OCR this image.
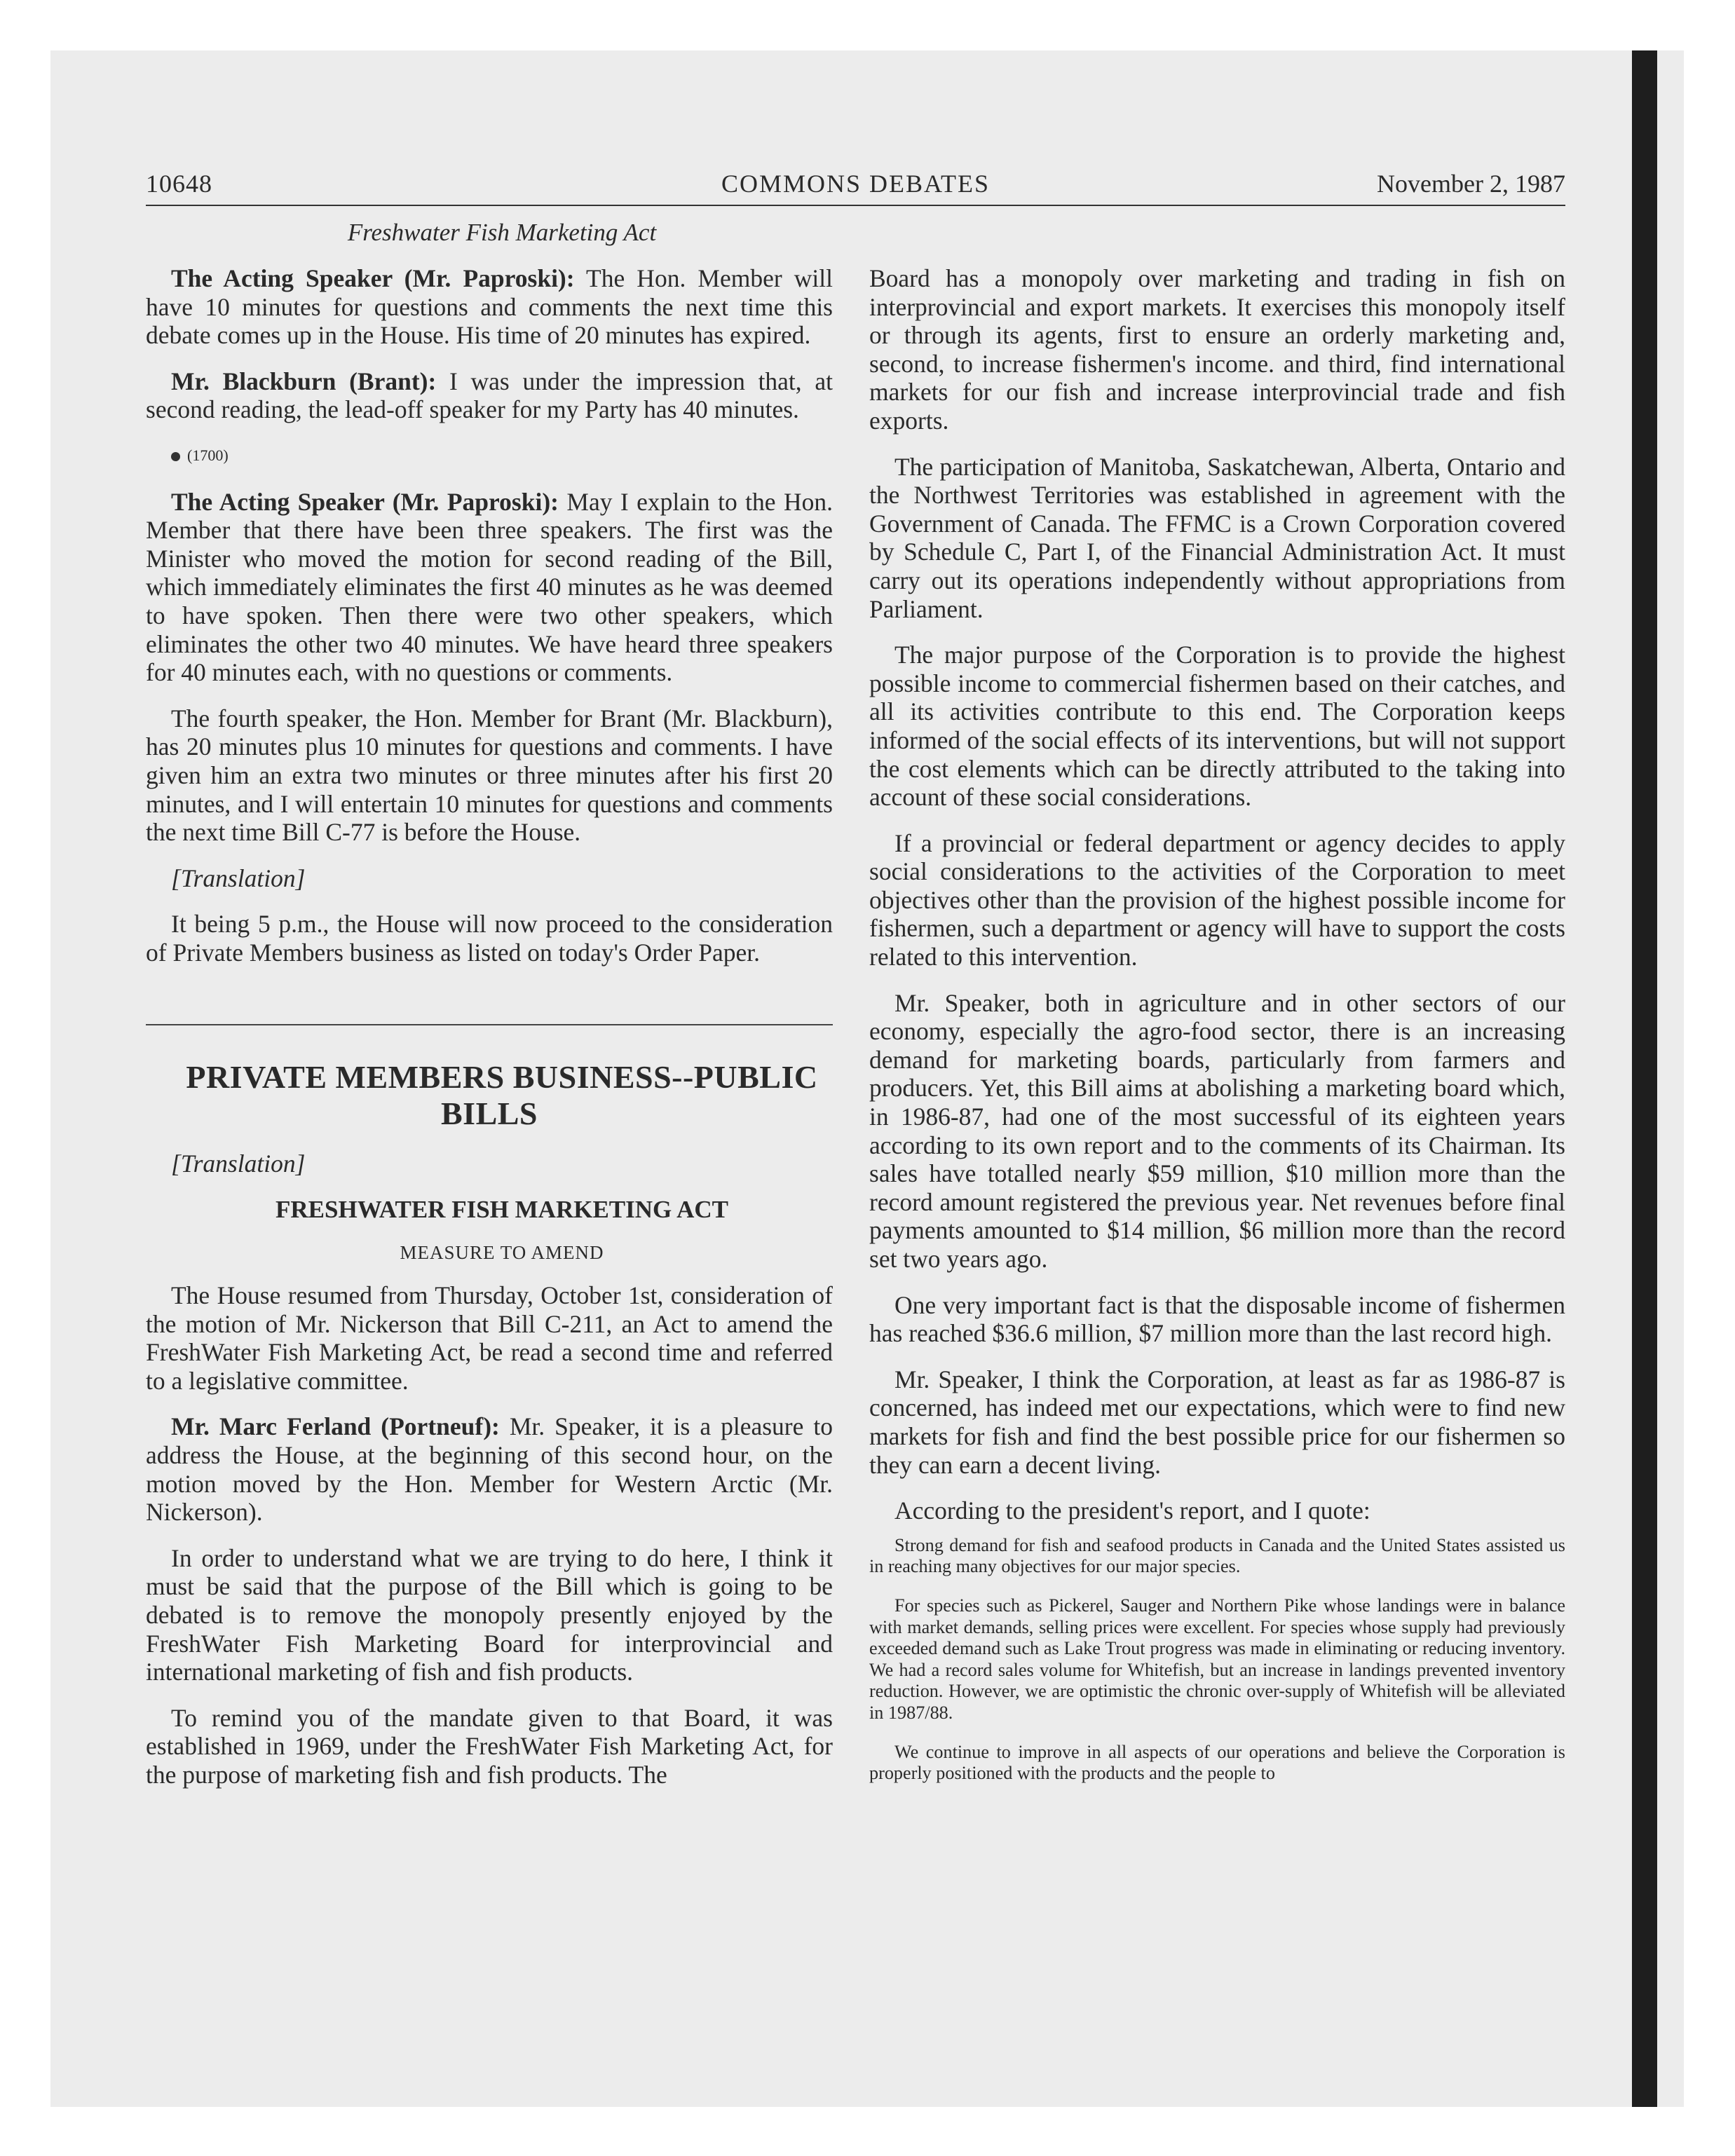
10648	COMMONS DEBATES	November 2, 1987

Freshwater Fish Marketing Act

The Acting Speaker (Mr. Paproski): The Hon. Member will have 10 minutes for questions and comments the next time this debate comes up in the House. His time of 20 minutes has expired.

Mr. Blackburn (Brant): I was under the impression that, at second reading, the lead-off speaker for my Party has 40 minutes.

(1700)

The Acting Speaker (Mr. Paproski): May I explain to the Hon. Member that there have been three speakers. The first was the Minister who moved the motion for second reading of the Bill, which immediately eliminates the first 40 minutes as he was deemed to have spoken. Then there were two other speakers, which eliminates the other two 40 minutes. We have heard three speakers for 40 minutes each, with no questions or comments.

The fourth speaker, the Hon. Member for Brant (Mr. Blackburn), has 20 minutes plus 10 minutes for questions and comments. I have given him an extra two minutes or three minutes after his first 20 minutes, and I will entertain 10 minutes for questions and comments the next time Bill C-77 is before the House.

[Translation]

It being 5 p.m., the House will now proceed to the consideration of Private Members business as listed on today's Order Paper.

PRIVATE MEMBERS BUSINESS--PUBLIC BILLS

[Translation]

FRESHWATER FISH MARKETING ACT

MEASURE TO AMEND

The House resumed from Thursday, October 1st, consideration of the motion of Mr. Nickerson that Bill C-211, an Act to amend the FreshWater Fish Marketing Act, be read a second time and referred to a legislative committee.

Mr. Marc Ferland (Portneuf): Mr. Speaker, it is a pleasure to address the House, at the beginning of this second hour, on the motion moved by the Hon. Member for Western Arctic (Mr. Nickerson).

In order to understand what we are trying to do here, I think it must be said that the purpose of the Bill which is going to be debated is to remove the monopoly presently enjoyed by the FreshWater Fish Marketing Board for interprovincial and international marketing of fish and fish products.

To remind you of the mandate given to that Board, it was established in 1969, under the FreshWater Fish Marketing Act, for the purpose of marketing fish and fish products. The

Board has a monopoly over marketing and trading in fish on interprovincial and export markets. It exercises this monopoly itself or through its agents, first to ensure an orderly marketing and, second, to increase fishermen's income. and third, find international markets for our fish and increase interprovincial trade and fish exports.

The participation of Manitoba, Saskatchewan, Alberta, Ontario and the Northwest Territories was established in agreement with the Government of Canada. The FFMC is a Crown Corporation covered by Schedule C, Part I, of the Financial Administration Act. It must carry out its operations independently without appropriations from Parliament.

The major purpose of the Corporation is to provide the highest possible income to commercial fishermen based on their catches, and all its activities contribute to this end. The Corporation keeps informed of the social effects of its interventions, but will not support the cost elements which can be directly attributed to the taking into account of these social considerations.

If a provincial or federal department or agency decides to apply social considerations to the activities of the Corporation to meet objectives other than the provision of the highest possible income for fishermen, such a department or agency will have to support the costs related to this intervention.

Mr. Speaker, both in agriculture and in other sectors of our economy, especially the agro-food sector, there is an increasing demand for marketing boards, particularly from farmers and producers. Yet, this Bill aims at abolishing a marketing board which, in 1986-87, had one of the most successful of its eighteen years according to its own report and to the comments of its Chairman. Its sales have totalled nearly $59 million, $10 million more than the record amount registered the previous year. Net revenues before final payments amounted to $14 million, $6 million more than the record set two years ago.

One very important fact is that the disposable income of fishermen has reached $36.6 million, $7 million more than the last record high.

Mr. Speaker, I think the Corporation, at least as far as 1986-87 is concerned, has indeed met our expectations, which were to find new markets for fish and find the best possible price for our fishermen so they can earn a decent living.

According to the president's report, and I quote:

Strong demand for fish and seafood products in Canada and the United States assisted us in reaching many objectives for our major species.

For species such as Pickerel, Sauger and Northern Pike whose landings were in balance with market demands, selling prices were excellent. For species whose supply had previously exceeded demand such as Lake Trout progress was made in eliminating or reducing inventory. We had a record sales volume for Whitefish, but an increase in landings prevented inventory reduction. However, we are optimistic the chronic over-supply of Whitefish will be alleviated in 1987/88.

We continue to improve in all aspects of our operations and believe the Corporation is properly positioned with the products and the people to
